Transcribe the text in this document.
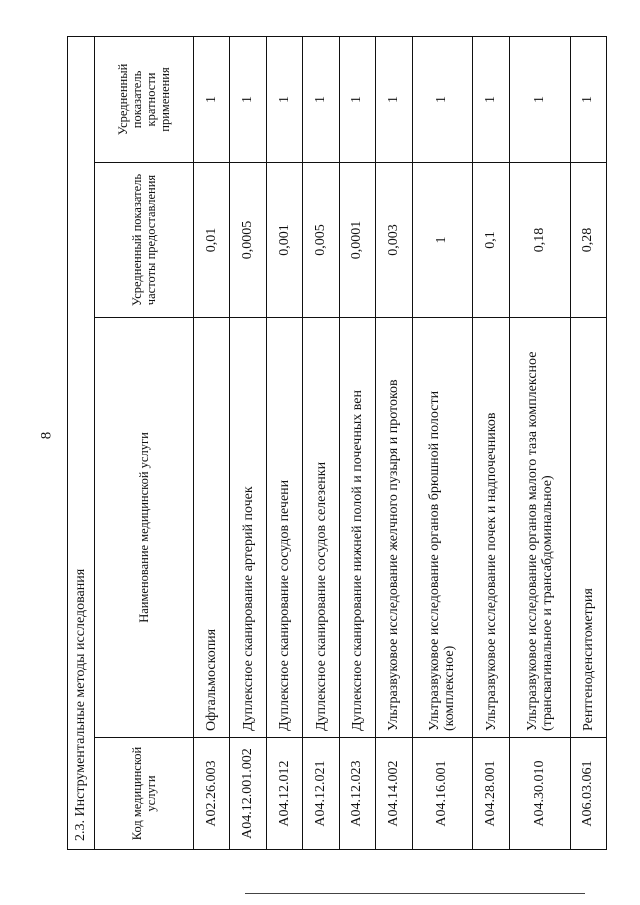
8
2.3. Инструментальные методы исследования			
Код медицинской услуги	Наименование медицинской услуги	Усредненный показатель частоты предоставления	Усредненный показатель кратности применения
A02.26.003	Офтальмоскопия	0,01	1
A04.12.001.002	Дуплексное сканирование артерий почек	0,0005	1
A04.12.012	Дуплексное сканирование сосудов печени	0,001	1
A04.12.021	Дуплексное сканирование сосудов селезенки	0,005	1
A04.12.023	Дуплексное сканирование нижней полой и почечных вен	0,0001	1
A04.14.002	Ультразвуковое исследование желчного пузыря и протоков	0,003	1
A04.16.001	Ультразвуковое исследование органов брюшной полости (комплексное)	1	1
A04.28.001	Ультразвуковое исследование почек и надпочечников	0,1	1
A04.30.010	Ультразвуковое исследование органов малого таза комплексное (трансвагинальное и трансабдоминальное)	0,18	1
A06.03.061	Рентгеноденситометрия	0,28	1
